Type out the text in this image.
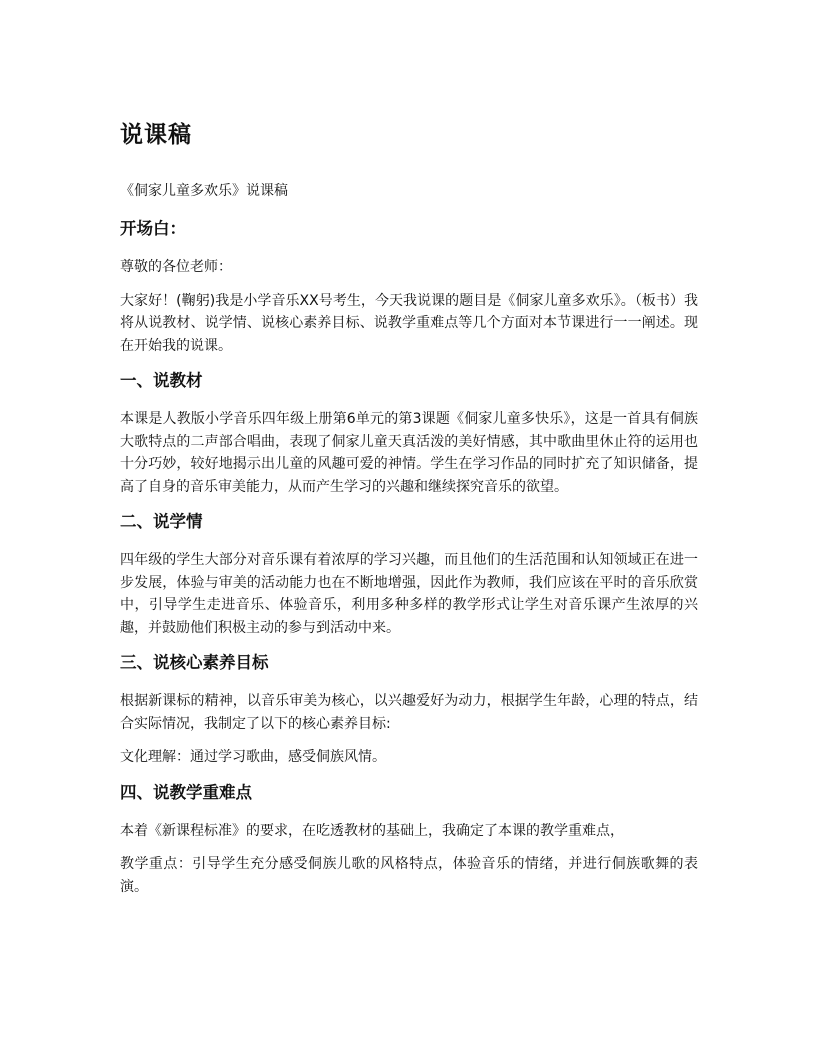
说课稿
《侗家儿童多欢乐》说课稿
开场白：
尊敬的各位老师：
大家好！(鞠躬)我是小学音乐XX号考生，今天我说课的题目是《侗家儿童多欢乐》。（板书）我将从说教材、说学情、说核心素养目标、说教学重难点等几个方面对本节课进行一一阐述。现在开始我的说课。
一、说教材
本课是人教版小学音乐四年级上册第6单元的第3课题《侗家儿童多快乐》，这是一首具有侗族大歌特点的二声部合唱曲，表现了侗家儿童天真活泼的美好情感，其中歌曲里休止符的运用也十分巧妙，较好地揭示出儿童的风趣可爱的神情。学生在学习作品的同时扩充了知识储备，提高了自身的音乐审美能力，从而产生学习的兴趣和继续探究音乐的欲望。
二、说学情
四年级的学生大部分对音乐课有着浓厚的学习兴趣，而且他们的生活范围和认知领域正在进一步发展，体验与审美的活动能力也在不断地增强，因此作为教师，我们应该在平时的音乐欣赏中，引导学生走进音乐、体验音乐，利用多种多样的教学形式让学生对音乐课产生浓厚的兴趣，并鼓励他们积极主动的参与到活动中来。
三、说核心素养目标
根据新课标的精神，以音乐审美为核心，以兴趣爱好为动力，根据学生年龄，心理的特点，结合实际情况，我制定了以下的核心素养目标:
文化理解：通过学习歌曲，感受侗族风情。
四、说教学重难点
本着《新课程标准》的要求，在吃透教材的基础上，我确定了本课的教学重难点，
教学重点：引导学生充分感受侗族儿歌的风格特点，体验音乐的情绪，并进行侗族歌舞的表演。
